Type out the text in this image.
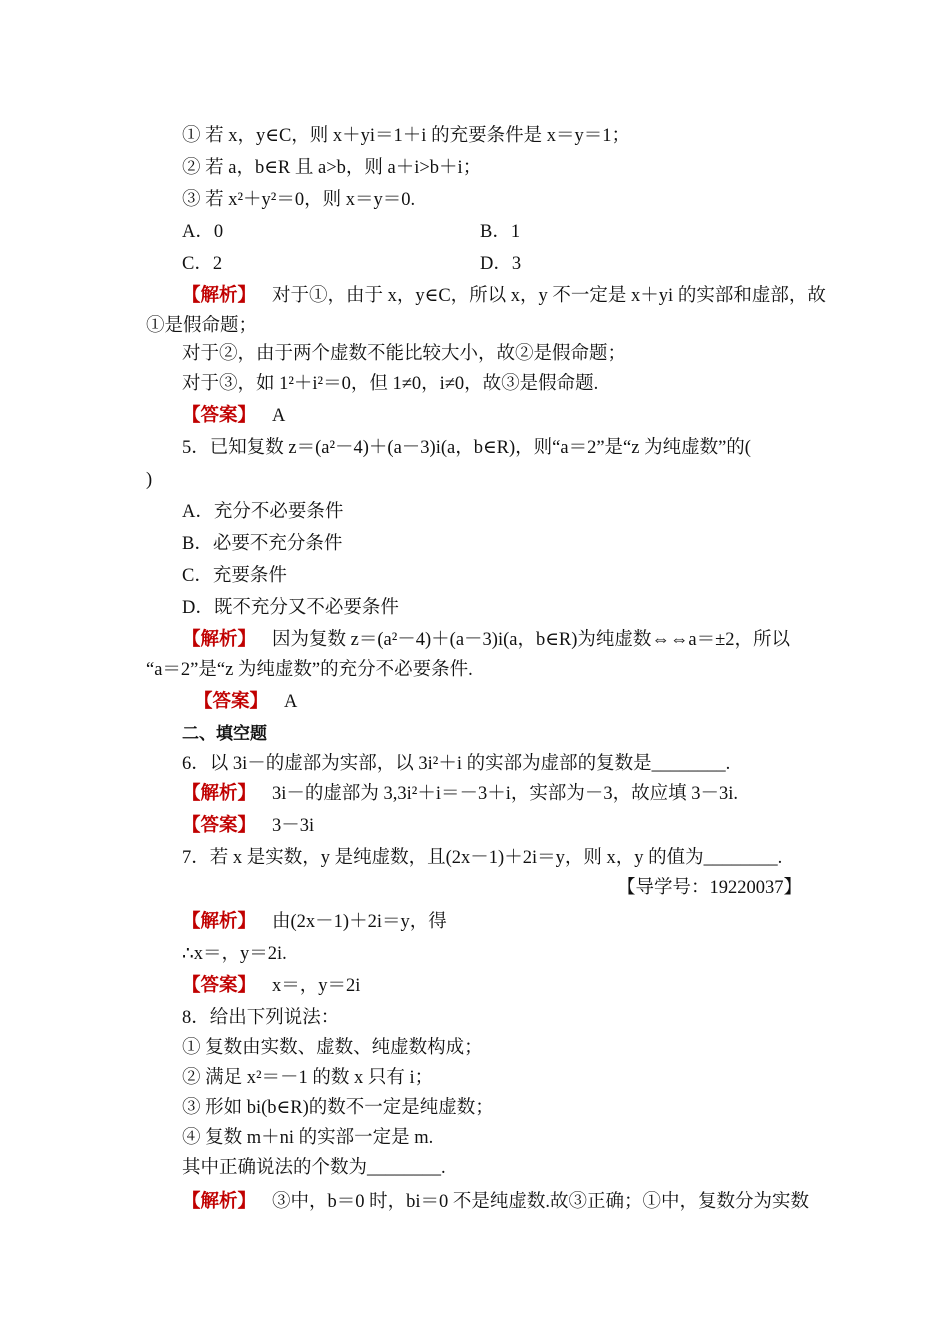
① 若 x，y∈C，则 x＋yi＝1＋i 的充要条件是 x＝y＝1；
② 若 a，b∈R 且 a>b，则 a＋i>b＋i；
③ 若 x²＋y²＝0，则 x＝y＝0.
A．0	B．1
C．2	D．3
【解析】 对于①，由于 x，y∈C，所以 x，y 不一定是 x＋yi 的实部和虚部，故
①是假命题；
对于②，由于两个虚数不能比较大小，故②是假命题；
对于③，如 1²＋i²＝0，但 1≠0，i≠0，故③是假命题.
【答案】 A
5．已知复数 z＝(a²－4)＋(a－3)i(a，b∈R)，则“a＝2”是“z 为纯虚数”的(
)
A．充分不必要条件
B．必要不充分条件
C．充要条件
D．既不充分又不必要条件
【解析】 因为复数 z＝(a²－4)＋(a－3)i(a，b∈R)为纯虚数⇔⇔a＝±2，所以
“a＝2”是“z 为纯虚数”的充分不必要条件.
【答案】 A
二、填空题
6．以 3i－的虚部为实部，以 3i²＋i 的实部为虚部的复数是________.
【解析】 3i－的虚部为 3,3i²＋i＝－3＋i，实部为－3，故应填 3－3i.
【答案】 3－3i
7．若 x 是实数，y 是纯虚数，且(2x－1)＋2i＝y，则 x，y 的值为________.
【导学号：19220037】
【解析】 由(2x－1)＋2i＝y，得
∴x＝，y＝2i.
【答案】 x＝，y＝2i
8．给出下列说法：
① 复数由实数、虚数、纯虚数构成；
② 满足 x²＝－1 的数 x 只有 i；
③ 形如 bi(b∈R)的数不一定是纯虚数；
④ 复数 m＋ni 的实部一定是 m.
其中正确说法的个数为________.
【解析】 ③中，b＝0 时，bi＝0 不是纯虚数.故③正确；①中，复数分为实数
